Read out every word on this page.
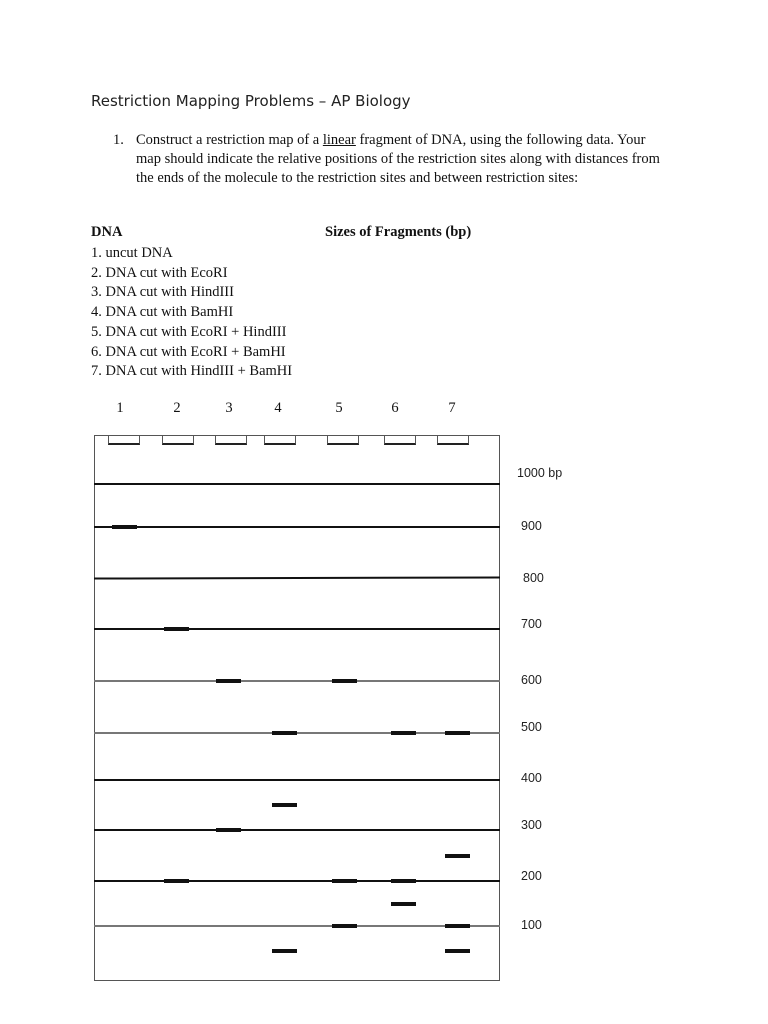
Restriction Mapping Problems – AP Biology
1. Construct a restriction map of a linear fragment of DNA, using the following data. Your map should indicate the relative positions of the restriction sites along with distances from the ends of the molecule to the restriction sites and between restriction sites:
DNA	Sizes of Fragments (bp)
1. uncut DNA
2. DNA cut with EcoRI
3. DNA cut with HindIII
4. DNA cut with BamHI
5. DNA cut with EcoRI + HindIII
6. DNA cut with EcoRI + BamHI
7. DNA cut with HindIII + BamHI
1	2	3	4	5	6	7
1000 bp
900
800
700
600
500
400
300
200
100
